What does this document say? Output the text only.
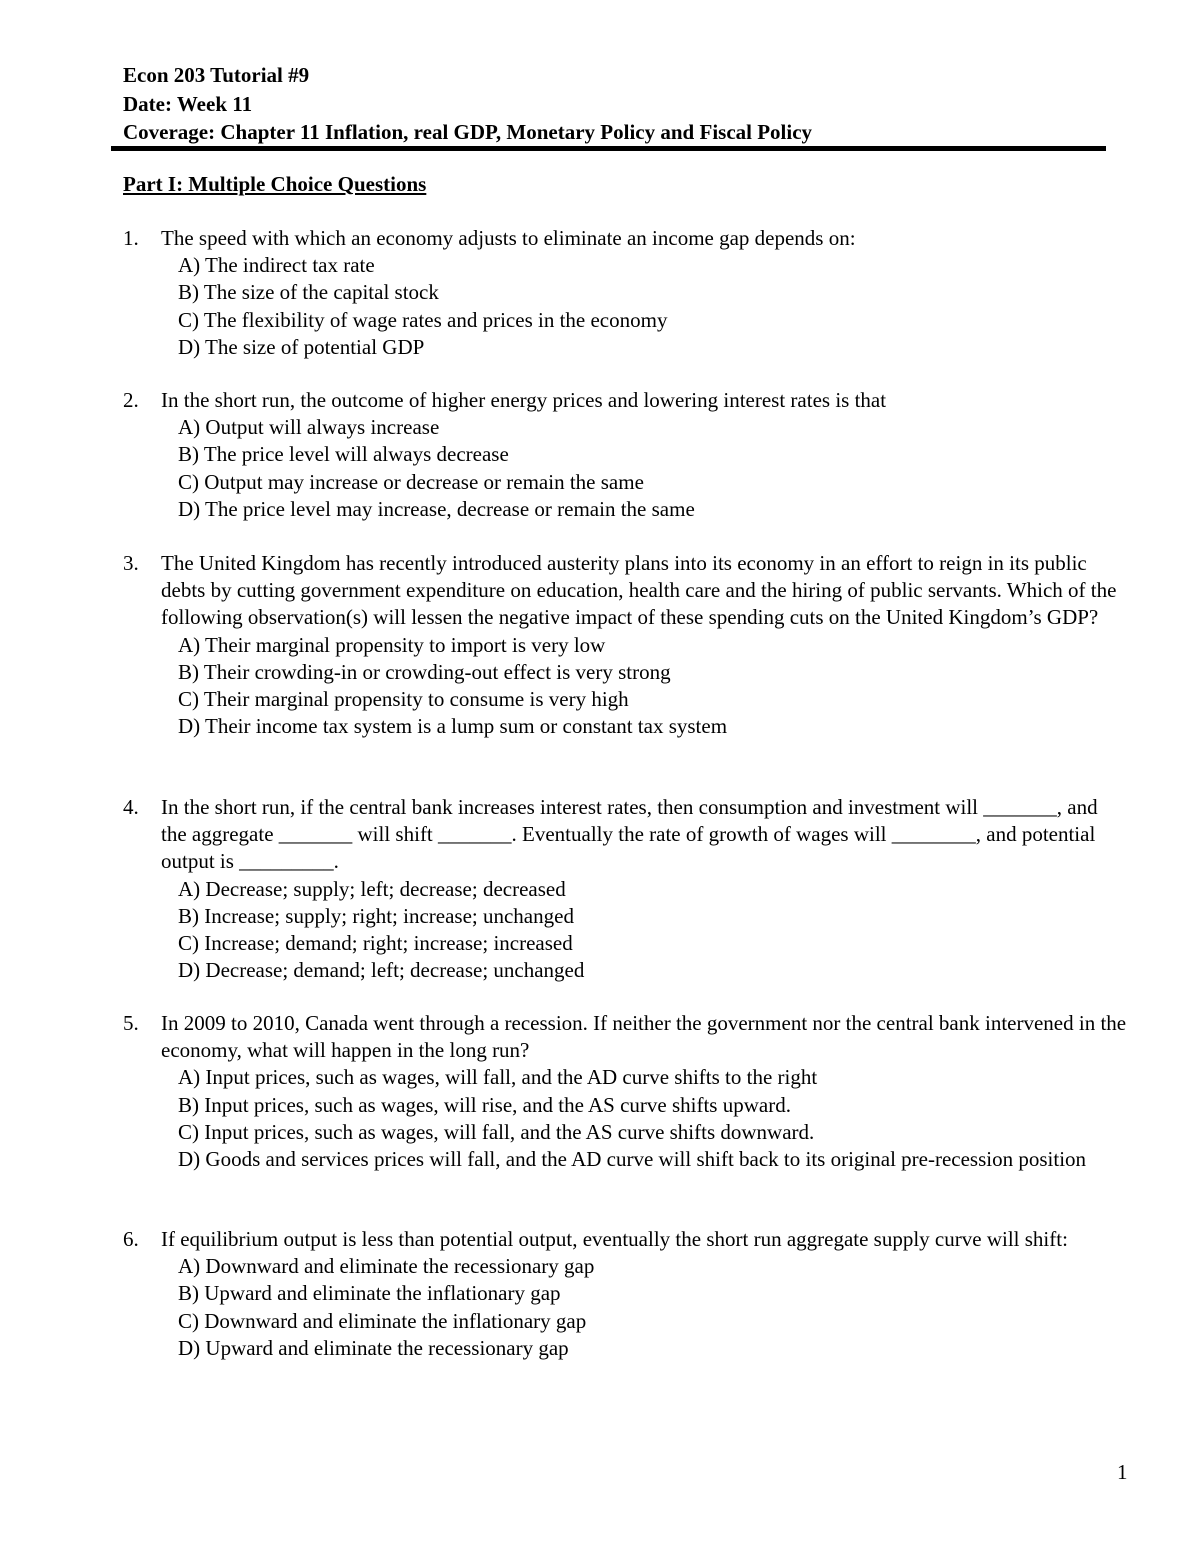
Econ 203 Tutorial #9
Date: Week 11
Coverage: Chapter 11 Inflation, real GDP, Monetary Policy and Fiscal Policy
Part I: Multiple Choice Questions
1.	The speed with which an economy adjusts to eliminate an income gap depends on:
A) The indirect tax rate
B) The size of the capital stock
C) The flexibility of wage rates and prices in the economy
D) The size of potential GDP
2.	In the short run, the outcome of higher energy prices and lowering interest rates is that
A) Output will always increase
B) The price level will always decrease
C) Output may increase or decrease or remain the same
D) The price level may increase, decrease or remain the same
3.	The United Kingdom has recently introduced austerity plans into its economy in an effort to reign in its public debts by cutting government expenditure on education, health care and the hiring of public servants. Which of the following observation(s) will lessen the negative impact of these spending cuts on the United Kingdom’s GDP?
A) Their marginal propensity to import is very low
B) Their crowding-in or crowding-out effect is very strong
C) Their marginal propensity to consume is very high
D) Their income tax system is a lump sum or constant tax system
4.	In the short run, if the central bank increases interest rates, then consumption and investment will _______, and the aggregate _______ will shift _______. Eventually the rate of growth of wages will ________, and potential output is _________.
A) Decrease; supply; left; decrease; decreased
B) Increase; supply; right; increase; unchanged
C) Increase; demand; right; increase; increased
D) Decrease; demand; left; decrease; unchanged
5.	In 2009 to 2010, Canada went through a recession. If neither the government nor the central bank intervened in the economy, what will happen in the long run?
A) Input prices, such as wages, will fall, and the AD curve shifts to the right
B) Input prices, such as wages, will rise, and the AS curve shifts upward.
C) Input prices, such as wages, will fall, and the AS curve shifts downward.
D) Goods and services prices will fall, and the AD curve will shift back to its original pre-recession position
6.	If equilibrium output is less than potential output, eventually the short run aggregate supply curve will shift:
A) Downward and eliminate the recessionary gap
B) Upward and eliminate the inflationary gap
C) Downward and eliminate the inflationary gap
D) Upward and eliminate the recessionary gap
1
